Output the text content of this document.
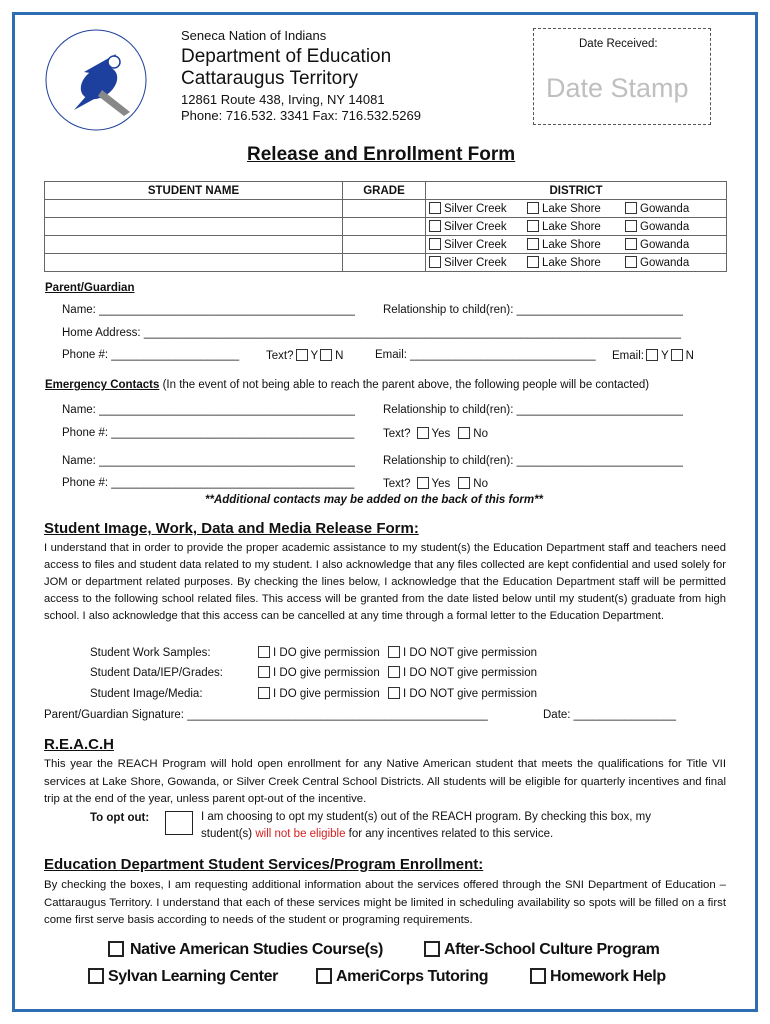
Seneca Nation of Indians
Department of Education
Cattaraugus Territory
12861 Route 438, Irving, NY 14081
Phone: 716.532. 3341 Fax: 716.532.5269
Date Received:
Date Stamp
Release and Enrollment Form
STUDENT NAME	GRADE	DISTRICT
		Silver Creek Lake Shore Gowanda
		Silver Creek Lake Shore Gowanda
		Silver Creek Lake Shore Gowanda
		Silver Creek Lake Shore Gowanda
Parent/Guardian
Name: ________________________________________ Relationship to child(ren): __________________________
Home Address: ____________________________________________________________________________________
Phone #: ____________________ Text? Y N	Email: _____________________________ Email: Y N
Emergency Contacts (In the event of not being able to reach the parent above, the following people will be contacted)
Name: ________________________________________ Relationship to child(ren): __________________________
Phone #: ______________________________________ Text? Yes No
Name: ________________________________________ Relationship to child(ren): __________________________
Phone #: ______________________________________ Text? Yes No
**Additional contacts may be added on the back of this form**
Student Image, Work, Data and Media Release Form:
I understand that in order to provide the proper academic assistance to my student(s) the Education Department staff and teachers need access to files and student data related to my student. I also acknowledge that any files collected are kept confidential and used solely for JOM or department related purposes. By checking the lines below, I acknowledge that the Education Department staff will be permitted access to the following school related files. This access will be granted from the date listed below until my student(s) graduate from high school. I also acknowledge that this access can be cancelled at any time through a formal letter to the Education Department.
Student Work Samples:	I DO give permission I DO NOT give permission
Student Data/IEP/Grades:	I DO give permission I DO NOT give permission
Student Image/Media:	I DO give permission I DO NOT give permission
Parent/Guardian Signature: _______________________________________________	Date: ________________
R.E.A.C.H
This year the REACH Program will hold open enrollment for any Native American student that meets the qualifications for Title VII services at Lake Shore, Gowanda, or Silver Creek Central School Districts. All students will be eligible for quarterly incentives and final trip at the end of the year, unless parent opt-out of the incentive.
To opt out:	I am choosing to opt my student(s) out of the REACH program. By checking this box, my
student(s) will not be eligible for any incentives related to this service.
Education Department Student Services/Program Enrollment:
By checking the boxes, I am requesting additional information about the services offered through the SNI Department of Education – Cattaraugus Territory. I understand that each of these services might be limited in scheduling availability so spots will be filled on a first come first serve basis according to needs of the student or programing requirements.
Native American Studies Course(s)	After-School Culture Program
Sylvan Learning Center	AmeriCorps Tutoring	Homework Help
